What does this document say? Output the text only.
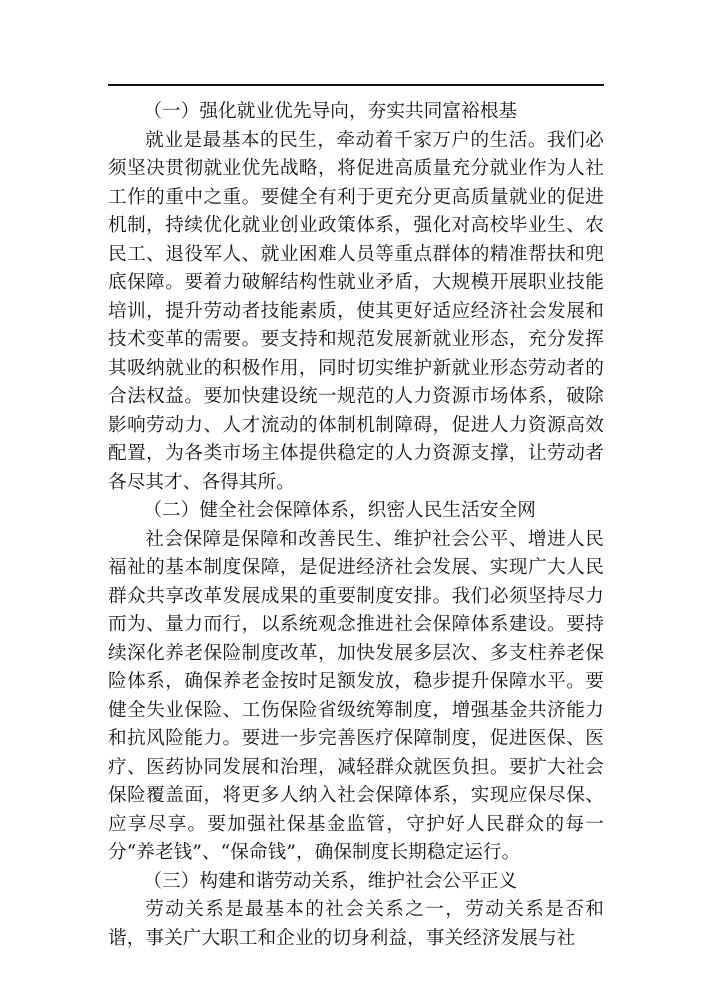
（一）强化就业优先导向，夯实共同富裕根基

就业是最基本的民生，牵动着千家万户的生活。我们必须坚决贯彻就业优先战略，将促进高质量充分就业作为人社工作的重中之重。要健全有利于更充分更高质量就业的促进机制，持续优化就业创业政策体系，强化对高校毕业生、农民工、退役军人、就业困难人员等重点群体的精准帮扶和兜底保障。要着力破解结构性就业矛盾，大规模开展职业技能培训，提升劳动者技能素质，使其更好适应经济社会发展和技术变革的需要。要支持和规范发展新就业形态，充分发挥其吸纳就业的积极作用，同时切实维护新就业形态劳动者的合法权益。要加快建设统一规范的人力资源市场体系，破除影响劳动力、人才流动的体制机制障碍，促进人力资源高效配置，为各类市场主体提供稳定的人力资源支撑，让劳动者各尽其才、各得其所。

（二）健全社会保障体系，织密人民生活安全网

社会保障是保障和改善民生、维护社会公平、增进人民福祉的基本制度保障，是促进经济社会发展、实现广大人民群众共享改革发展成果的重要制度安排。我们必须坚持尽力而为、量力而行，以系统观念推进社会保障体系建设。要持续深化养老保险制度改革，加快发展多层次、多支柱养老保险体系，确保养老金按时足额发放，稳步提升保障水平。要健全失业保险、工伤保险省级统筹制度，增强基金共济能力和抗风险能力。要进一步完善医疗保障制度，促进医保、医疗、医药协同发展和治理，减轻群众就医负担。要扩大社会保险覆盖面，将更多人纳入社会保障体系，实现应保尽保、应享尽享。要加强社保基金监管，守护好人民群众的每一分“养老钱”、“保命钱”，确保制度长期稳定运行。

（三）构建和谐劳动关系，维护社会公平正义

劳动关系是最基本的社会关系之一，劳动关系是否和谐，事关广大职工和企业的切身利益，事关经济发展与社
